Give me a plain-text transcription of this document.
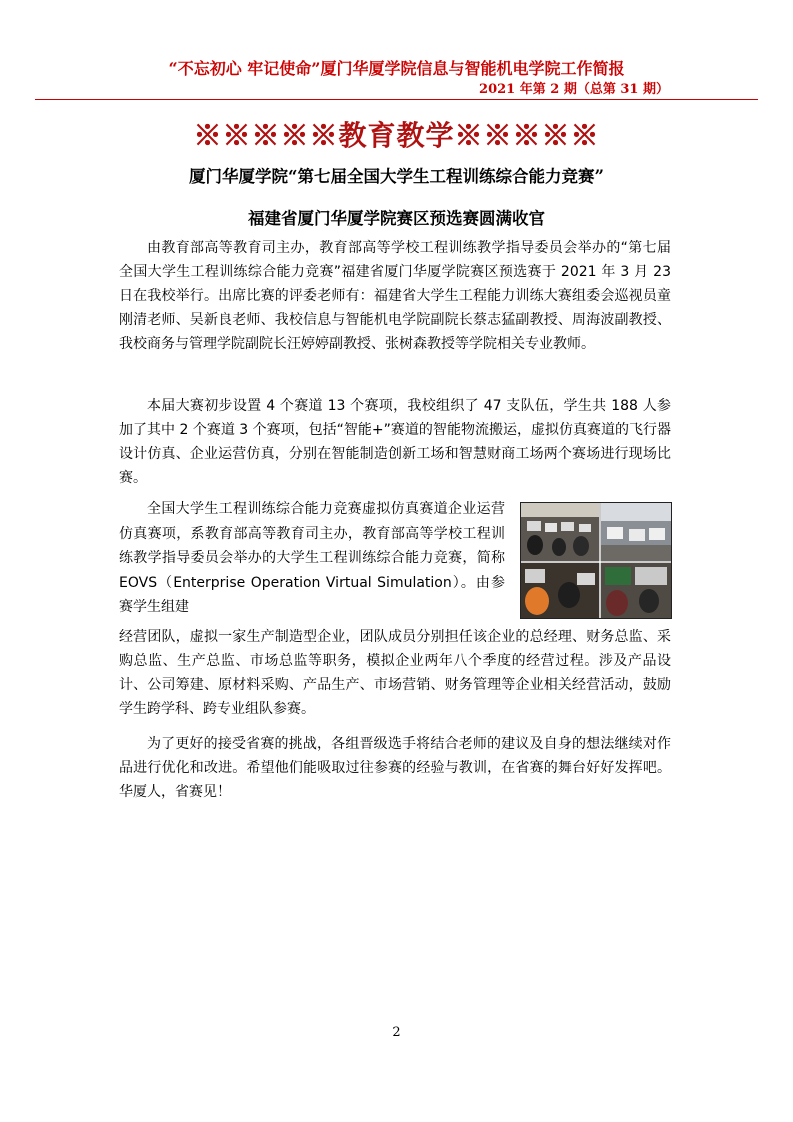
“不忘初心 牢记使命”厦门华厦学院信息与智能机电学院工作简报
2021 年第 2 期（总第 31 期）
※※※※※教育教学※※※※※
厦门华厦学院“第七届全国大学生工程训练综合能力竞赛”
福建省厦门华厦学院赛区预选赛圆满收官
由教育部高等教育司主办，教育部高等学校工程训练教学指导委员会举办的“第七届全国大学生工程训练综合能力竞赛”福建省厦门华厦学院赛区预选赛于 2021 年 3 月 23 日在我校举行。出席比赛的评委老师有：福建省大学生工程能力训练大赛组委会巡视员童刚清老师、吴新良老师、我校信息与智能机电学院副院长蔡志猛副教授、周海波副教授、我校商务与管理学院副院长汪婷婷副教授、张树森教授等学院相关专业教师。
本届大赛初步设置 4 个赛道 13 个赛项，我校组织了 47 支队伍，学生共 188 人参加了其中 2 个赛道 3 个赛项，包括“智能+”赛道的智能物流搬运，虚拟仿真赛道的飞行器设计仿真、企业运营仿真，分别在智能制造创新工场和智慧财商工场两个赛场进行现场比赛。
全国大学生工程训练综合能力竞赛虚拟仿真赛道企业运营仿真赛项，系教育部高等教育司主办，教育部高等学校工程训练教学指导委员会举办的大学生工程训练综合能力竞赛，简称 EOVS（Enterprise Operation Virtual Simulation）。由参赛学生组建
经营团队，虚拟一家生产制造型企业，团队成员分别担任该企业的总经理、财务总监、采购总监、生产总监、市场总监等职务，模拟企业两年八个季度的经营过程。涉及产品设计、公司筹建、原材料采购、产品生产、市场营销、财务管理等企业相关经营活动，鼓励学生跨学科、跨专业组队参赛。
为了更好的接受省赛的挑战，各组晋级选手将结合老师的建议及自身的想法继续对作品进行优化和改进。希望他们能吸取过往参赛的经验与教训，在省赛的舞台好好发挥吧。华厦人，省赛见！
2
